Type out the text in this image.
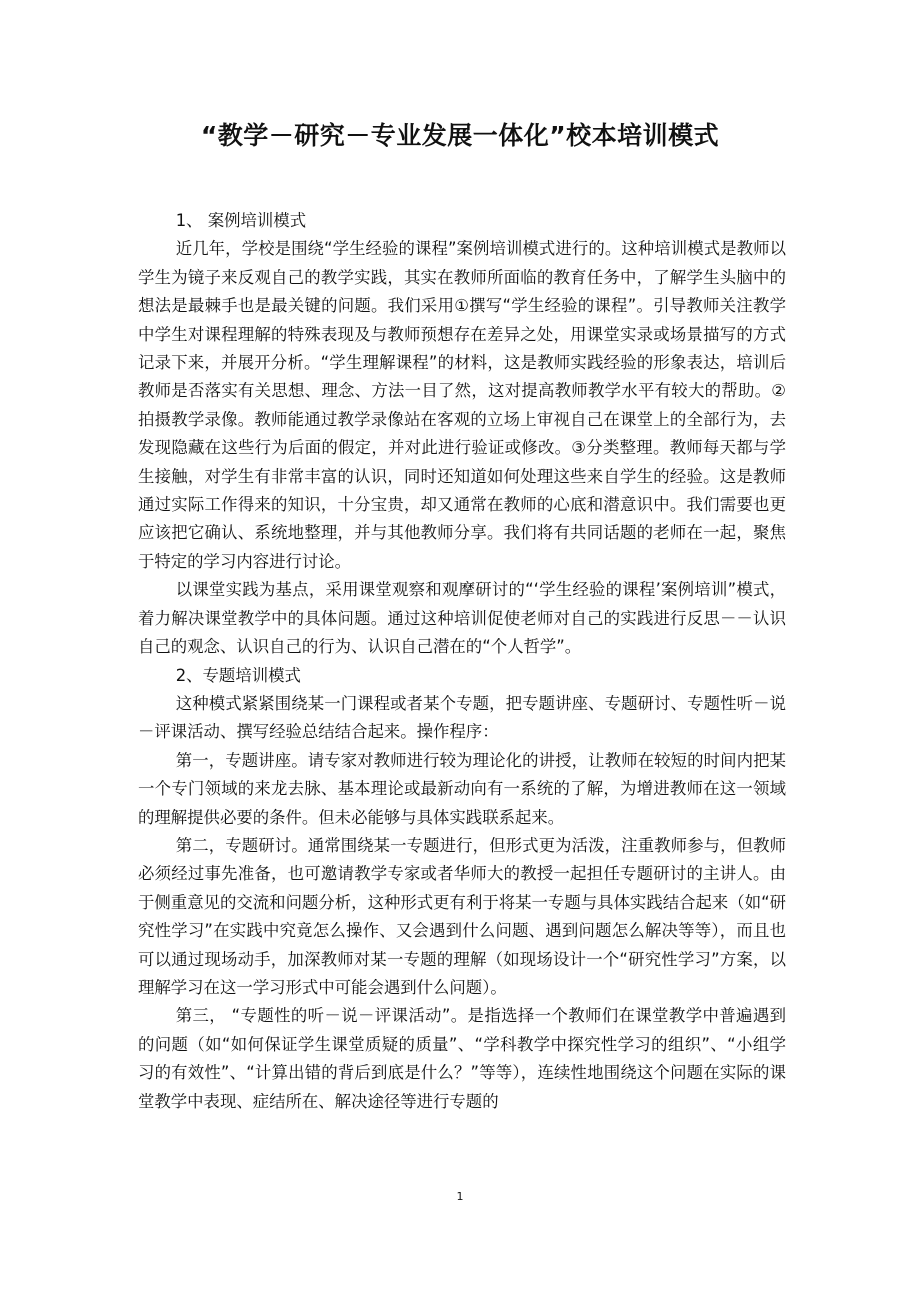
“教学－研究－专业发展一体化”校本培训模式

1、 案例培训模式

近几年，学校是围绕“学生经验的课程”案例培训模式进行的。这种培训模式是教师以学生为镜子来反观自己的教学实践，其实在教师所面临的教育任务中，了解学生头脑中的想法是最棘手也是最关键的问题。我们采用①撰写“学生经验的课程”。引导教师关注教学中学生对课程理解的特殊表现及与教师预想存在差异之处，用课堂实录或场景描写的方式记录下来，并展开分析。“学生理解课程”的材料，这是教师实践经验的形象表达，培训后教师是否落实有关思想、理念、方法一目了然，这对提高教师教学水平有较大的帮助。②拍摄教学录像。教师能通过教学录像站在客观的立场上审视自己在课堂上的全部行为，去发现隐藏在这些行为后面的假定，并对此进行验证或修改。③分类整理。教师每天都与学生接触，对学生有非常丰富的认识，同时还知道如何处理这些来自学生的经验。这是教师通过实际工作得来的知识，十分宝贵，却又通常在教师的心底和潜意识中。我们需要也更应该把它确认、系统地整理，并与其他教师分享。我们将有共同话题的老师在一起，聚焦于特定的学习内容进行讨论。

以课堂实践为基点，采用课堂观察和观摩研讨的“‘学生经验的课程’案例培训”模式，着力解决课堂教学中的具体问题。通过这种培训促使老师对自己的实践进行反思－－认识自己的观念、认识自己的行为、认识自己潜在的“个人哲学”。

2、专题培训模式

这种模式紧紧围绕某一门课程或者某个专题，把专题讲座、专题研讨、专题性听－说－评课活动、撰写经验总结结合起来。操作程序：

第一，专题讲座。请专家对教师进行较为理论化的讲授，让教师在较短的时间内把某一个专门领域的来龙去脉、基本理论或最新动向有一系统的了解，为增进教师在这一领域的理解提供必要的条件。但未必能够与具体实践联系起来。

第二，专题研讨。通常围绕某一专题进行，但形式更为活泼，注重教师参与，但教师必须经过事先准备，也可邀请教学专家或者华师大的教授一起担任专题研讨的主讲人。由于侧重意见的交流和问题分析，这种形式更有利于将某一专题与具体实践结合起来（如“研究性学习”在实践中究竟怎么操作、又会遇到什么问题、遇到问题怎么解决等等），而且也可以通过现场动手，加深教师对某一专题的理解（如现场设计一个“研究性学习”方案，以理解学习在这一学习形式中可能会遇到什么问题）。

第三， “专题性的听－说－评课活动”。是指选择一个教师们在课堂教学中普遍遇到的问题（如“如何保证学生课堂质疑的质量”、“学科教学中探究性学习的组织”、“小组学习的有效性”、“计算出错的背后到底是什么？”等等），连续性地围绕这个问题在实际的课堂教学中表现、症结所在、解决途径等进行专题的

1
